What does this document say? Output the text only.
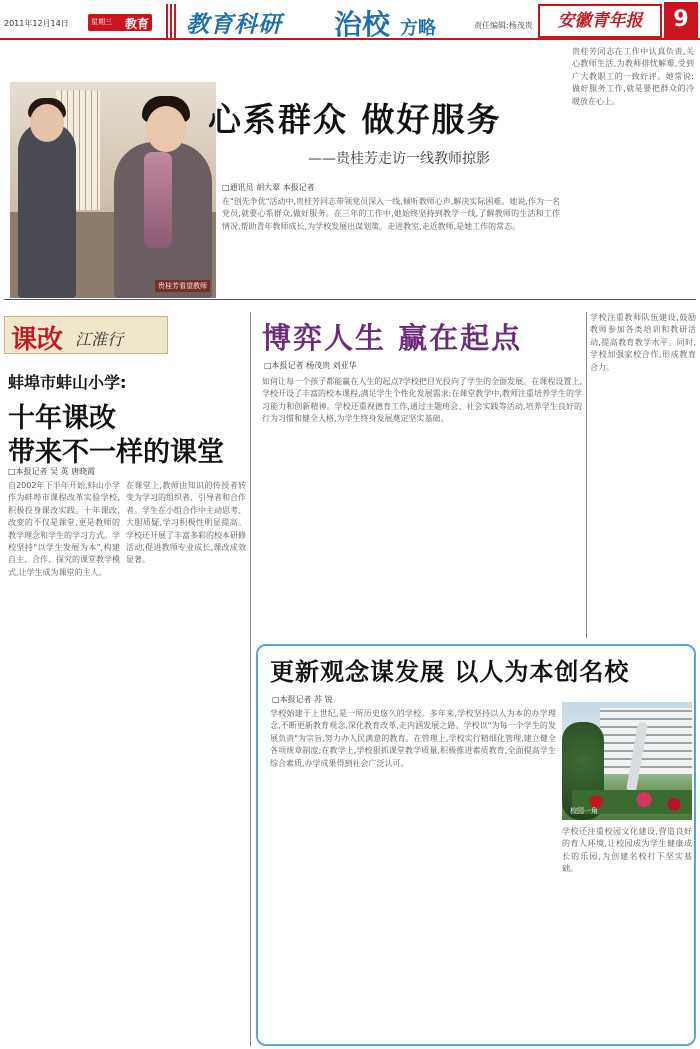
2011年12月14日	星期三 教育 教育科研 治校 方略	责任编辑:杨茂贵	安徽青年报	9
贵桂芳看望教师
心系群众 做好服务
——贵桂芳走访一线教师掠影
□通讯员 胡大翠 本报记者
在"创先争优"活动中,贵桂芳同志带领党员深入一线,倾听教师心声,解决实际困难。她说,作为一名党员,就要心系群众,做好服务。在三年的工作中,她始终坚持到教学一线,了解教师的生活和工作情况,帮助青年教师成长,为学校发展出谋划策。走进教室,走近教师,是她工作的常态。
贵桂芳同志在工作中认真负责,关心教师生活,为教师排忧解难,受到广大教职工的一致好评。她常说:做好服务工作,就是要把群众的冷暖放在心上。
课改 江淮行
蚌埠市蚌山小学:
十年课改
带来不一样的课堂
□本报记者 吴 英 唐晓霞
自2002年下半年开始,蚌山小学作为蚌埠市课程改革实验学校,积极投身课改实践。十年课改,改变的不仅是课堂,更是教师的教学理念和学生的学习方式。学校坚持"以学生发展为本",构建自主、合作、探究的课堂教学模式,让学生成为课堂的主人。
在课堂上,教师由知识的传授者转变为学习的组织者、引导者和合作者。学生在小组合作中主动思考、大胆质疑,学习积极性明显提高。学校还开展了丰富多彩的校本研修活动,促进教师专业成长,课改成效显著。
博弈人生 赢在起点
□本报记者 杨茂贵 刘亚华
如何让每一个孩子都能赢在人生的起点?学校把目光投向了学生的全面发展。在课程设置上,学校开设了丰富的校本课程,满足学生个性化发展需求;在课堂教学中,教师注重培养学生的学习能力和创新精神。学校还重视德育工作,通过主题班会、社会实践等活动,培养学生良好的行为习惯和健全人格,为学生终身发展奠定坚实基础。
学校注重教师队伍建设,鼓励教师参加各类培训和教研活动,提高教育教学水平。同时,学校加强家校合作,形成教育合力。
更新观念谋发展 以人为本创名校
□本报记者 苏 锐
学校始建于上世纪,是一所历史悠久的学校。多年来,学校坚持以人为本的办学理念,不断更新教育观念,深化教育改革,走内涵发展之路。学校以"为每一个学生的发展负责"为宗旨,努力办人民满意的教育。在管理上,学校实行精细化管理,建立健全各项规章制度;在教学上,学校狠抓课堂教学质量,积极推进素质教育,全面提高学生综合素质,办学成果得到社会广泛认可。
校园一角
学校还注重校园文化建设,营造良好的育人环境,让校园成为学生健康成长的乐园,为创建名校打下坚实基础。
